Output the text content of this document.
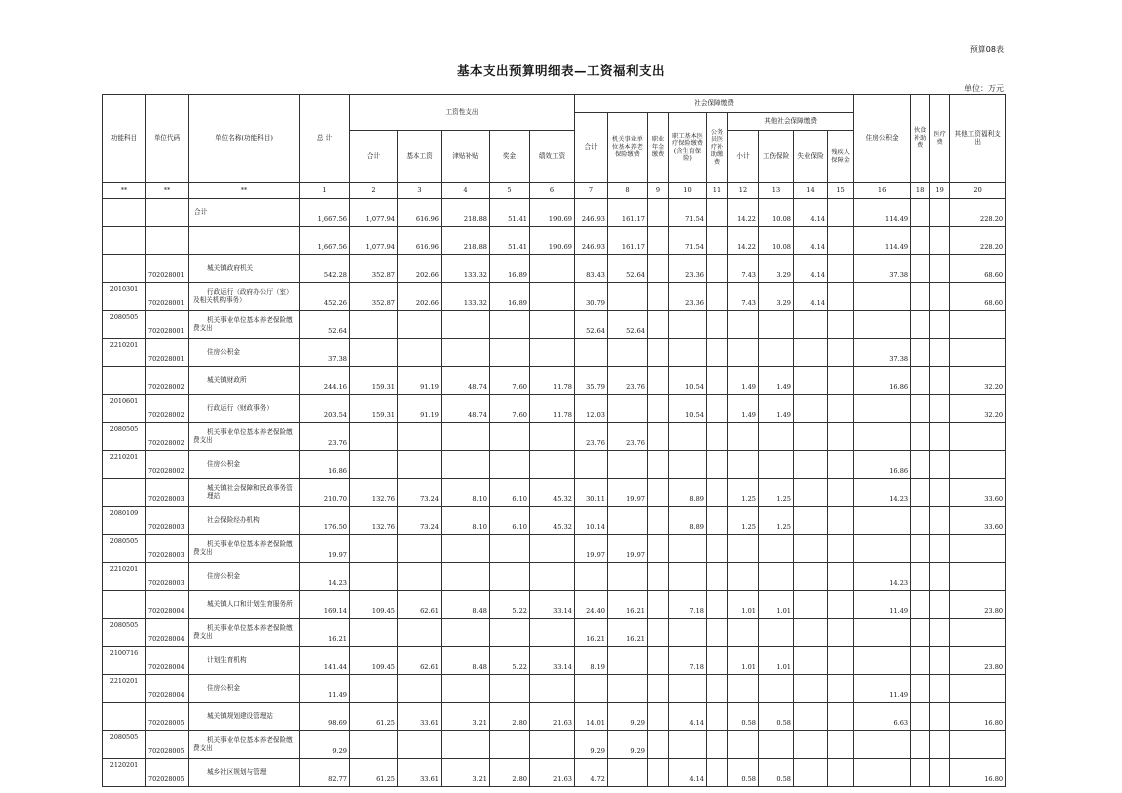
预算08表
基本支出预算明细表—工资福利支出
单位：万元
功能科目	单位代码	单位名称(功能科目)	总 计	工资性支出					社会保障缴费									住房公积金	伙食补助费	医疗费	其他工资福利支出
									合计	机关事业单位基本养老保险缴费	职业年金缴费	职工基本医疗保险缴费(含生育保险)	公务员医疗补助缴费	其他社会保障缴费							
				合计	基本工资	津贴补贴	奖金	绩效工资						小计	工伤保险	失业保险	残疾人保障金				
**	**	**	1	2	3	4	5	6	7	8	9	10	11	12	13	14	15	16	18	19	20
		合计	1,667.56	1,077.94	616.96	218.88	51.41	190.69	246.93	161.17		71.54		14.22	10.08	4.14		114.49			228.20
			1,667.56	1,077.94	616.96	218.88	51.41	190.69	246.93	161.17		71.54		14.22	10.08	4.14		114.49			228.20
	702028001	城关镇政府机关	542.28	352.87	202.66	133.32	16.89		83.43	52.64		23.36		7.43	3.29	4.14		37.38			68.60
2010301	702028001	行政运行（政府办公厅（室）及相关机构事务）	452.26	352.87	202.66	133.32	16.89		30.79			23.36		7.43	3.29	4.14					68.60
2080505	702028001	机关事业单位基本养老保险缴费支出	52.64						52.64	52.64											
2210201	702028001	住房公积金	37.38															37.38			
	702028002	城关镇财政所	244.16	159.31	91.19	48.74	7.60	11.78	35.79	23.76		10.54		1.49	1.49			16.86			32.20
2010601	702028002	行政运行（财政事务）	203.54	159.31	91.19	48.74	7.60	11.78	12.03			10.54		1.49	1.49						32.20
2080505	702028002	机关事业单位基本养老保险缴费支出	23.76						23.76	23.76											
2210201	702028002	住房公积金	16.86															16.86			
	702028003	城关镇社会保障和民政事务管理站	210.70	132.76	73.24	8.10	6.10	45.32	30.11	19.97		8.89		1.25	1.25			14.23			33.60
2080109	702028003	社会保险经办机构	176.50	132.76	73.24	8.10	6.10	45.32	10.14			8.89		1.25	1.25						33.60
2080505	702028003	机关事业单位基本养老保险缴费支出	19.97						19.97	19.97											
2210201	702028003	住房公积金	14.23															14.23			
	702028004	城关镇人口和计划生育服务所	169.14	109.45	62.61	8.48	5.22	33.14	24.40	16.21		7.18		1.01	1.01			11.49			23.80
2080505	702028004	机关事业单位基本养老保险缴费支出	16.21						16.21	16.21											
2100716	702028004	计划生育机构	141.44	109.45	62.61	8.48	5.22	33.14	8.19			7.18		1.01	1.01						23.80
2210201	702028004	住房公积金	11.49															11.49			
	702028005	城关镇规划建设管理站	98.69	61.25	33.61	3.21	2.80	21.63	14.01	9.29		4.14		0.58	0.58			6.63			16.80
2080505	702028005	机关事业单位基本养老保险缴费支出	9.29						9.29	9.29											
2120201	702028005	城乡社区规划与管理	82.77	61.25	33.61	3.21	2.80	21.63	4.72			4.14		0.58	0.58						16.80
